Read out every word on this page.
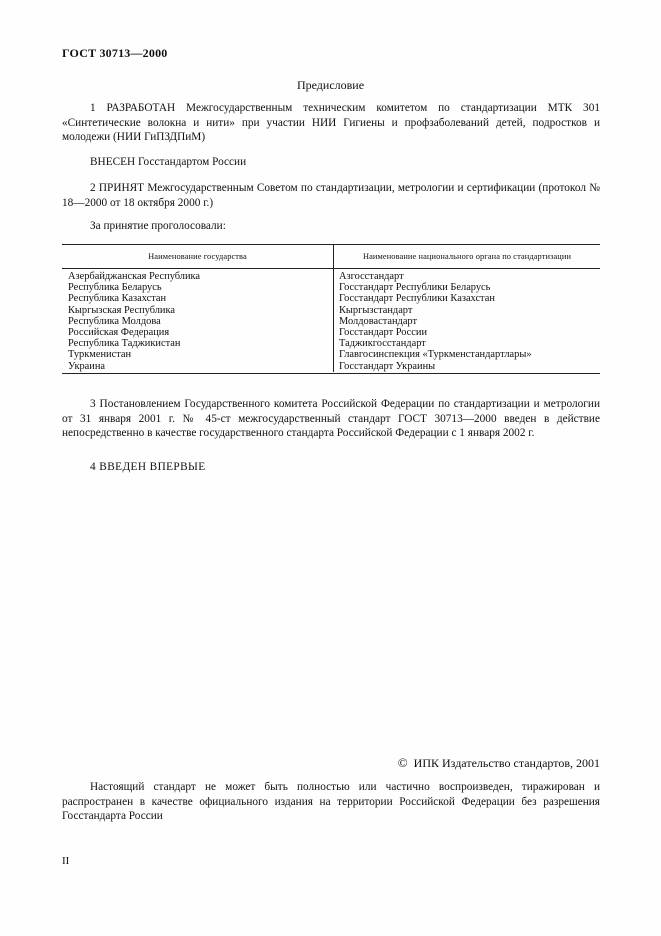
ГОСТ 30713—2000
Предисловие

1 РАЗРАБОТАН Межгосударственным техническим комитетом по стандартизации МТК 301 «Синтетические волокна и нити» при участии НИИ Гигиены и профзаболеваний детей, подростков и молодежи (НИИ ГиПЗДПиМ)

ВНЕСЕН Госстандартом России

2 ПРИНЯТ Межгосударственным Советом по стандартизации, метрологии и сертификации (протокол № 18—2000 от 18 октября 2000 г.)

За принятие проголосовали:

Наименование государства	Наименование национального органа по стандартизации
Азербайджанская Республика
Республика Беларусь
Республика Казахстан
Кыргызская Республика
Республика Молдова
Российская Федерация
Республика Таджикистан
Туркменистан
Украина
Азгосстандарт
Госстандарт Республики Беларусь
Госстандарт Республики Казахстан
Кыргызстандарт
Молдовастандарт
Госстандарт России
Таджикгосстандарт
Главгосинспекция «Туркменстандартлары»
Госстандарт Украины

3 Постановлением Государственного комитета Российской Федерации по стандартизации и метрологии от 31 января 2001 г. № 45-ст межгосударственный стандарт ГОСТ 30713—2000 введен в действие непосредственно в качестве государственного стандарта Российской Федерации с 1 января 2002 г.

4 ВВЕДЕН ВПЕРВЫЕ

© ИПК Издательство стандартов, 2001

Настоящий стандарт не может быть полностью или частично воспроизведен, тиражирован и распространен в качестве официального издания на территории Российской Федерации без разрешения Госстандарта России

II
